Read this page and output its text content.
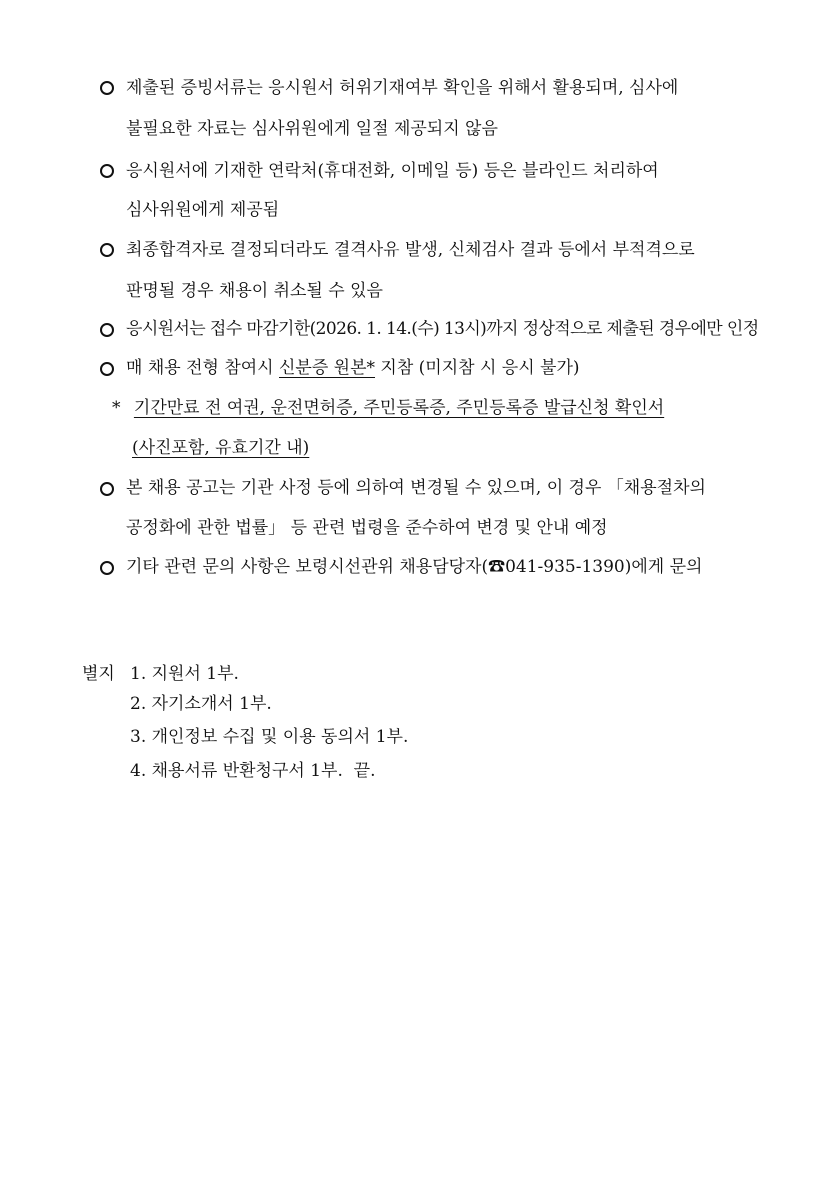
제출된 증빙서류는 응시원서 허위기재여부 확인을 위해서 활용되며, 심사에
불필요한 자료는 심사위원에게 일절 제공되지 않음
응시원서에 기재한 연락처(휴대전화, 이메일 등) 등은 블라인드 처리하여
심사위원에게 제공됨
최종합격자로 결정되더라도 결격사유 발생, 신체검사 결과 등에서 부적격으로
판명될 경우 채용이 취소될 수 있음
응시원서는 접수 마감기한(2026. 1. 14.(수) 13시)까지 정상적으로 제출된 경우에만 인정
매 채용 전형 참여시 신분증 원본* 지참 (미지참 시 응시 불가)
* 기간만료 전 여권, 운전면허증, 주민등록증, 주민등록증 발급신청 확인서
(사진포함, 유효기간 내)
본 채용 공고는 기관 사정 등에 의하여 변경될 수 있으며, 이 경우 「채용절차의
공정화에 관한 법률」 등 관련 법령을 준수하여 변경 및 안내 예정
기타 관련 문의 사항은 보령시선관위 채용담당자(☎041-935-1390)에게 문의
별지 1. 지원서 1부.
2. 자기소개서 1부.
3. 개인정보 수집 및 이용 동의서 1부.
4. 채용서류 반환청구서 1부.  끝.
